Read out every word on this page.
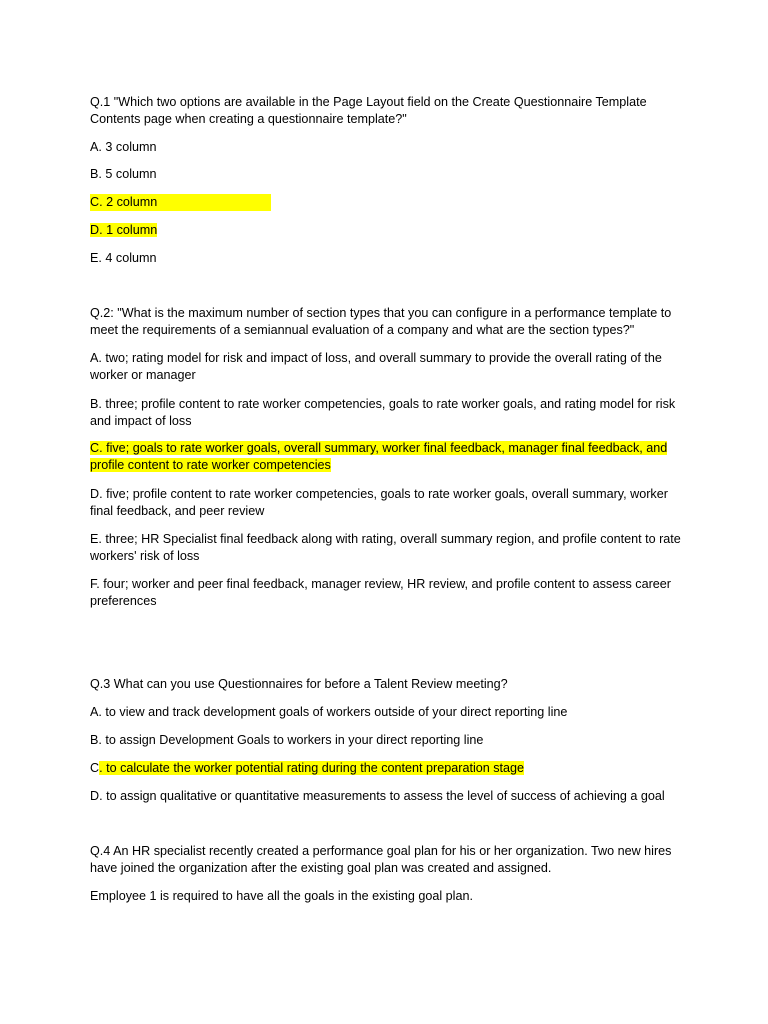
Q.1 "Which two options are available in the Page Layout field on the Create Questionnaire Template Contents page when creating a questionnaire template?"

A. 3 column

B. 5 column

C. 2 column

D. 1 column

E. 4 column

Q.2: "What is the maximum number of section types that you can configure in a performance template to meet the requirements of a semiannual evaluation of a company and what are the section types?"

A. two; rating model for risk and impact of loss, and overall summary to provide the overall rating of the worker or manager

B. three; profile content to rate worker competencies, goals to rate worker goals, and rating model for risk and impact of loss

C. five; goals to rate worker goals, overall summary, worker final feedback, manager final feedback, and profile content to rate worker competencies

D. five; profile content to rate worker competencies, goals to rate worker goals, overall summary, worker final feedback, and peer review

E. three; HR Specialist final feedback along with rating, overall summary region, and profile content to rate workers' risk of loss

F. four; worker and peer final feedback, manager review, HR review, and profile content to assess career preferences

Q.3 What can you use Questionnaires for before a Talent Review meeting?

A. to view and track development goals of workers outside of your direct reporting line

B. to assign Development Goals to workers in your direct reporting line

C. to calculate the worker potential rating during the content preparation stage

D. to assign qualitative or quantitative measurements to assess the level of success of achieving a goal

Q.4 An HR specialist recently created a performance goal plan for his or her organization. Two new hires have joined the organization after the existing goal plan was created and assigned.

Employee 1 is required to have all the goals in the existing goal plan.
